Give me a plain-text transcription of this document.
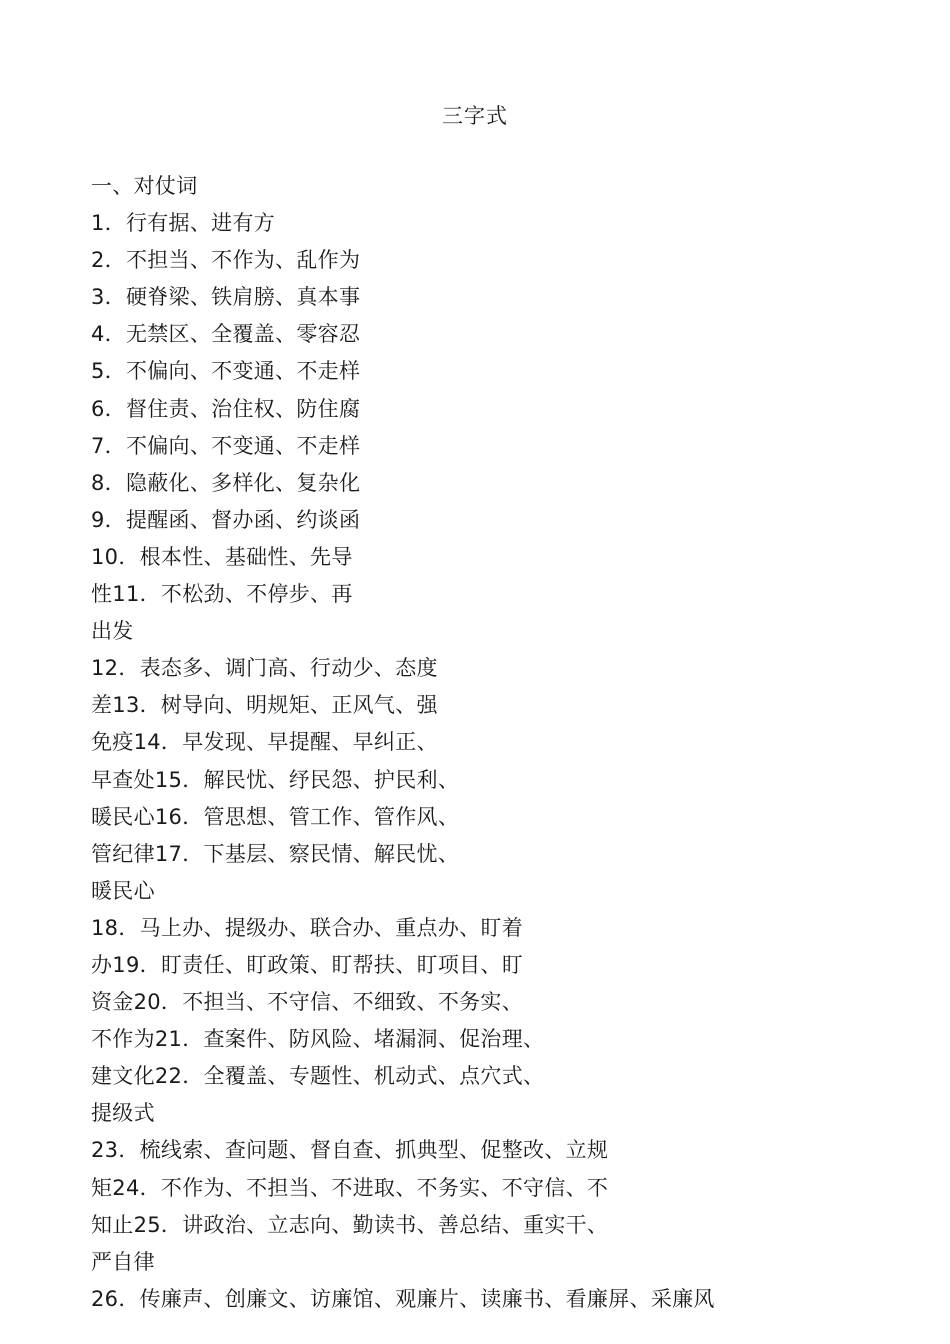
三字式
一、对仗词
1．行有据、进有方
2．不担当、不作为、乱作为
3．硬脊梁、铁肩膀、真本事
4．无禁区、全覆盖、零容忍
5．不偏向、不变通、不走样
6．督住责、治住权、防住腐
7．不偏向、不变通、不走样
8．隐蔽化、多样化、复杂化
9．提醒函、督办函、约谈函
10．根本性、基础性、先导
性11．不松劲、不停步、再
出发
12．表态多、调门高、行动少、态度
差13．树导向、明规矩、正风气、强
免疫14．早发现、早提醒、早纠正、
早查处15．解民忧、纾民怨、护民利、
暖民心16．管思想、管工作、管作风、
管纪律17．下基层、察民情、解民忧、
暖民心
18．马上办、提级办、联合办、重点办、盯着
办19．盯责任、盯政策、盯帮扶、盯项目、盯
资金20．不担当、不守信、不细致、不务实、
不作为21．查案件、防风险、堵漏洞、促治理、
建文化22．全覆盖、专题性、机动式、点穴式、
提级式
23．梳线索、查问题、督自查、抓典型、促整改、立规
矩24．不作为、不担当、不进取、不务实、不守信、不
知止25．讲政治、立志向、勤读书、善总结、重实干、
严自律
26．传廉声、创廉文、访廉馆、观廉片、读廉书、看廉屏、采廉风
